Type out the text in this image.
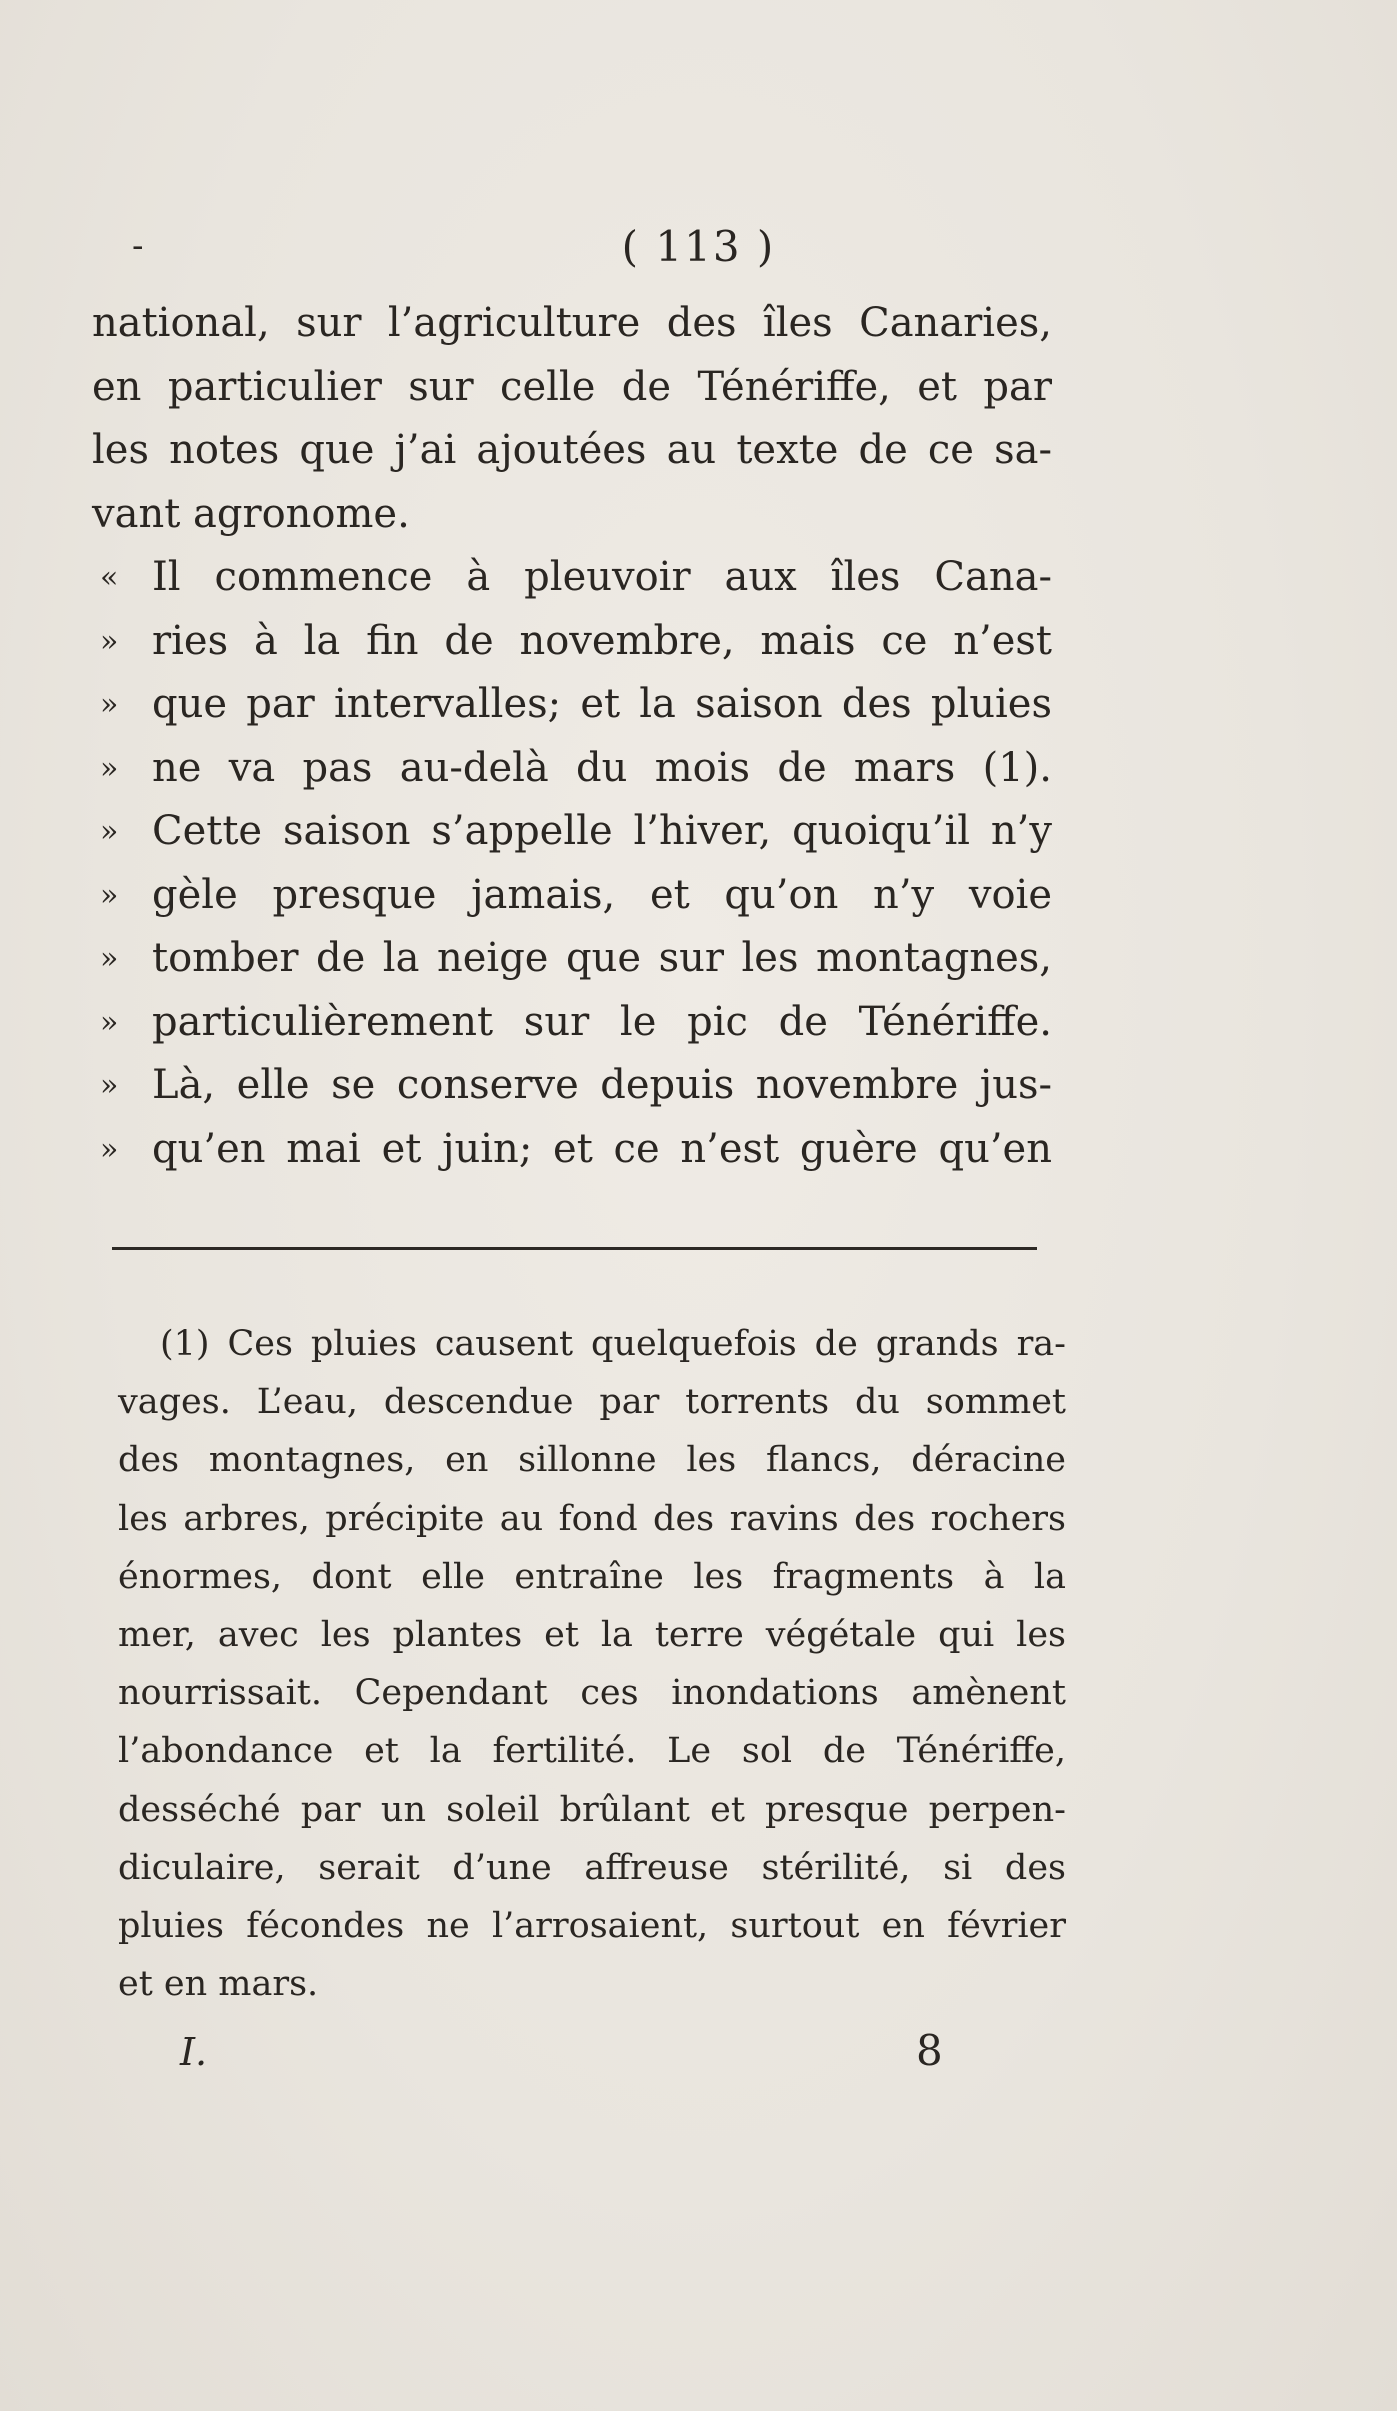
-	( 113 )
national, sur l’agriculture des îles Canaries,
en particulier sur celle de Ténériffe, et par
les notes que j’ai ajoutées au texte de ce sa-
vant agronome.
« Il commence à pleuvoir aux îles Cana-
» ries à la fin de novembre, mais ce n’est
» que par intervalles; et la saison des pluies
» ne va pas au-delà du mois de mars (1).
» Cette saison s’appelle l’hiver, quoiqu’il n’y
» gèle presque jamais, et qu’on n’y voie
» tomber de la neige que sur les montagnes,
» particulièrement sur le pic de Ténériffe.
» Là, elle se conserve depuis novembre jus-
» qu’en mai et juin; et ce n’est guère qu’en
(1) Ces pluies causent quelquefois de grands ra-
vages. L’eau, descendue par torrents du sommet
des montagnes, en sillonne les flancs, déracine
les arbres, précipite au fond des ravins des rochers
énormes, dont elle entraîne les fragments à la
mer, avec les plantes et la terre végétale qui les
nourrissait. Cependant ces inondations amènent
l’abondance et la fertilité. Le sol de Ténériffe,
desséché par un soleil brûlant et presque perpen-
diculaire, serait d’une affreuse stérilité, si des
pluies fécondes ne l’arrosaient, surtout en février
et en mars.
I.	8
